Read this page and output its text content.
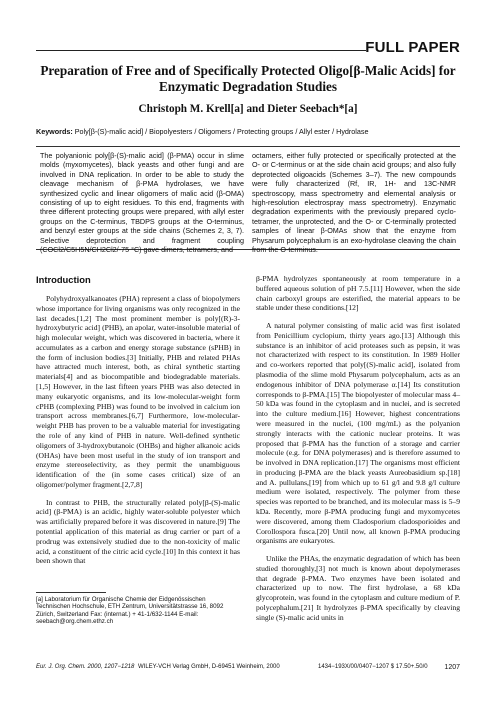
FULL PAPER
Preparation of Free and of Specifically Protected Oligo[β-Malic Acids] for Enzymatic Degradation Studies
Christoph M. Krell[a] and Dieter Seebach*[a]
Keywords: Poly[β-(S)-malic acid] / Biopolyesters / Oligomers / Protecting groups / Allyl ester / Hydrolase
The polyanionic poly[β-(S)-malic acid] (β-PMA) occur in slime molds (myxomycetes), black yeasts and other fungi and are involved in DNA replication. In order to be able to study the cleavage mechanism of β-PMA hydrolases, we have synthesized cyclic and linear oligomers of malic acid (β-OMA) consisting of up to eight residues. To this end, fragments with three different protecting groups were prepared, with allyl ester groups on the C-terminus, TBDPS groups at the O-terminus, and benzyl ester groups at the side chains (Schemes 2, 3, 7). Selective deprotection and fragment coupling (COCl2/C5H5N/CH2Cl2/-75 °C) gave dimers, tetramers, and
octamers, either fully protected or specifically protected at the O- or C-terminus or at the side chain acid groups; and also fully deprotected oligoacids (Schemes 3–7). The new compounds were fully characterized (Rf, IR, 1H- and 13C-NMR spectroscopy, mass spectrometry and elemental analysis or high-resolution electrospray mass spectrometry). Enzymatic degradation experiments with the previously prepared cyclo-tetramer, the unprotected, and the O- or C-terminally protected samples of linear β-OMAs show that the enzyme from Physarum polycephalum is an exo-hydrolase cleaving the chain from the O-terminus.
Introduction

Polyhydroxyalkanoates (PHA) represent a class of biopolymers whose importance for living organisms was only recognized in the last decades.[1,2] The most prominent member is poly[(R)-3-hydroxybutyric acid] (PHB), an apolar, water-insoluble material of high molecular weight, which was discovered in bacteria, where it accumulates as a carbon and energy storage substance (sPHB) in the form of inclusion bodies.[3] Initially, PHB and related PHAs have attracted much interest, both, as chiral synthetic starting materials[4] and as biocompatible and biodegradable materials.[1,5] However, in the last fifteen years PHB was also detected in many eukaryotic organisms, and its low-molecular-weight form cPHB (complexing PHB) was found to be involved in calcium ion transport across membranes.[6,7] Furthermore, low-molecular-weight PHB has proven to be a valuable material for investigating the role of any kind of PHB in nature. Well-defined synthetic oligomers of 3-hydroxybutanoic (OHBs) and higher alkanoic acids (OHAs) have been most useful in the study of ion transport and enzyme stereoselectivity, as they permit the unambiguous identification of the (in some cases critical) size of an oligomer/polymer fragment.[2,7,8]

In contrast to PHB, the structurally related poly[β-(S)-malic acid] (β-PMA) is an acidic, highly water-soluble polyester which was artificially prepared before it was discovered in nature.[9] The potential application of this material as drug carrier or part of a prodrug was extensively studied due to the non-toxicity of malic acid, a constituent of the citric acid cycle.[10] In this context it has been shown that

β-PMA hydrolyzes spontaneously at room temperature in a buffered aqueous solution of pH 7.5.[11] However, when the side chain carboxyl groups are esterified, the material appears to be stable under these conditions.[12]

A natural polymer consisting of malic acid was first isolated from Penicillium cyclopium, thirty years ago.[13] Although this substance is an inhibitor of acid proteases such as pepsin, it was not characterized with respect to its constitution. In 1989 Holler and co-workers reported that poly[(S)-malic acid], isolated from plasmodia of the slime mold Physarum polycephalum, acts as an endogenous inhibitor of DNA polymerase α.[14] Its constitution corresponds to β-PMA.[15] The biopolyester of molecular mass 4–50 kDa was found in the cytoplasm and in nuclei, and is secreted into the culture medium.[16] However, highest concentrations were measured in the nuclei, (100 mg/mL) as the polyanion strongly interacts with the cationic nuclear proteins. It was proposed that β-PMA has the function of a storage and carrier molecule (e.g. for DNA polymerases) and is therefore assumed to be involved in DNA replication.[17] The organisms most efficient in producing β-PMA are the black yeasts Aureobasidium sp.[18] and A. pullulans,[19] from which up to 61 g/l and 9.8 g/l culture medium were isolated, respectively. The polymer from these species was reported to be branched, and its molecular mass is 5–9 kDa. Recently, more β-PMA producing fungi and myxomycetes were discovered, among them Cladosporium cladosporioides and Corollospora fusca.[20] Until now, all known β-PMA producing organisms are eukaryotes.

Unlike the PHAs, the enzymatic degradation of which has been studied thoroughly,[3] not much is known about depolymerases that degrade β-PMA. Two enzymes have been isolated and characterized up to now. The first hydrolase, a 68 kDa glycoprotein, was found in the cytoplasm and culture medium of P. polycephalum.[21] It hydrolyzes β-PMA specifically by cleaving single (S)-malic acid units in

[a] Laboratorium für Organische Chemie der Eidgenössischen Technischen Hochschule, ETH Zentrum, Universitätstrasse 16, 8092 Zürich, Switzerland Fax: (internat.) + 41-1/632-1144 E-mail: seebach@org.chem.ethz.ch
Eur. J. Org. Chem. 2000, 1207−1218 WILEY-VCH Verlag GmbH, D-69451 Weinheim, 2000	1434−193X/00/0407−1207 $ 17.50+.50/0 1207
